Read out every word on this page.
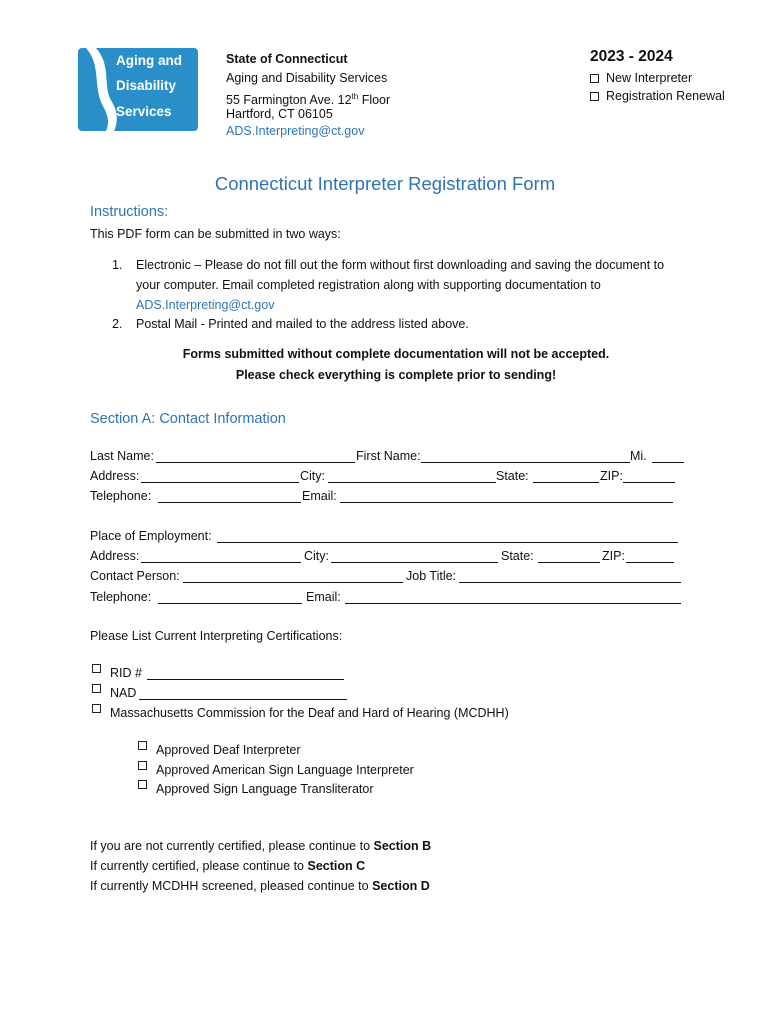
Aging and
Disability
Services
State of Connecticut
Aging and Disability Services
55 Farmington Ave. 12th Floor
Hartford, CT 06105
ADS.Interpreting@ct.gov
2023 - 2024
New Interpreter
Registration Renewal
Connecticut Interpreter Registration Form
Instructions:
This PDF form can be submitted in two ways:
1. Electronic – Please do not fill out the form without first downloading and saving the document to
your computer. Email completed registration along with supporting documentation to
ADS.Interpreting@ct.gov
2. Postal Mail - Printed and mailed to the address listed above.
Forms submitted without complete documentation will not be accepted.
Please check everything is complete prior to sending!
Section A: Contact Information
Last Name:	First Name:	Mi.
Address:	City:	State:	ZIP:
Telephone:	Email:
Place of Employment:
Address:	City:	State:	ZIP:
Contact Person:	Job Title:
Telephone:	Email:
Please List Current Interpreting Certifications:
RID #
NAD
Massachusetts Commission for the Deaf and Hard of Hearing (MCDHH)
Approved Deaf Interpreter
Approved American Sign Language Interpreter
Approved Sign Language Transliterator
If you are not currently certified, please continue to Section B
If currently certified, please continue to Section C
If currently MCDHH screened, pleased continue to Section D
